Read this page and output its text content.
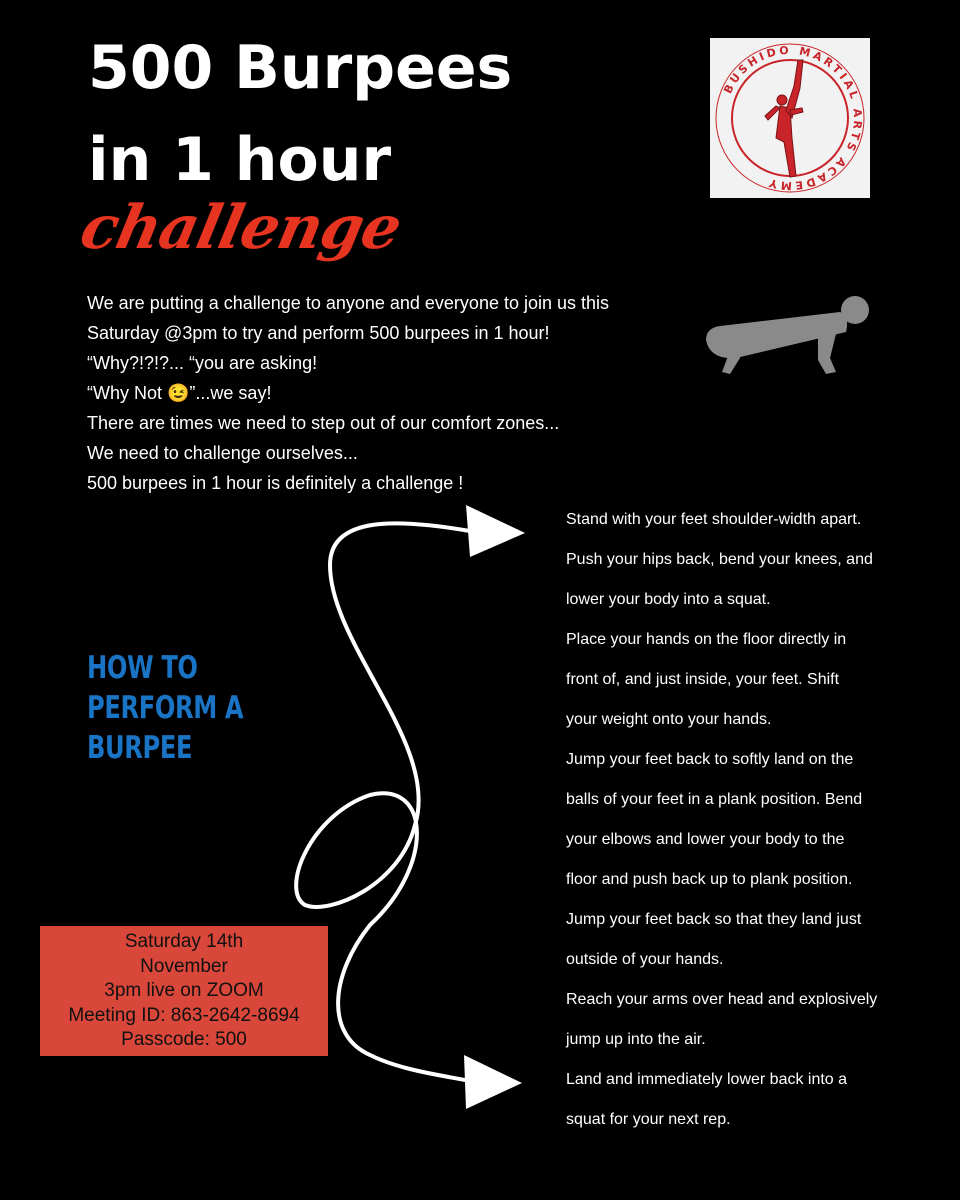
500 Burpees
in 1 hour
challenge
BUSHIDO MARTIAL ARTS ACADEMY
We are putting a challenge to anyone and everyone to join us this
Saturday @3pm to try and perform 500 burpees in 1 hour!
“Why?!?!?... “you are asking!
“Why Not 😉”...we say!
There are times we need to step out of our comfort zones...
We need to challenge ourselves...
500 burpees in 1 hour is definitely a challenge !
HOW TO
PERFORM A
BURPEE
Stand with your feet shoulder-width apart.
Push your hips back, bend your knees, and
lower your body into a squat.
Place your hands on the floor directly in
front of, and just inside, your feet. Shift
your weight onto your hands.
Jump your feet back to softly land on the
balls of your feet in a plank position. Bend
your elbows and lower your body to the
floor and push back up to plank position.
Jump your feet back so that they land just
outside of your hands.
Reach your arms over head and explosively
jump up into the air.
Land and immediately lower back into a
squat for your next rep.
Saturday 14th
November
3pm live on ZOOM
Meeting ID: 863-2642-8694
Passcode: 500
